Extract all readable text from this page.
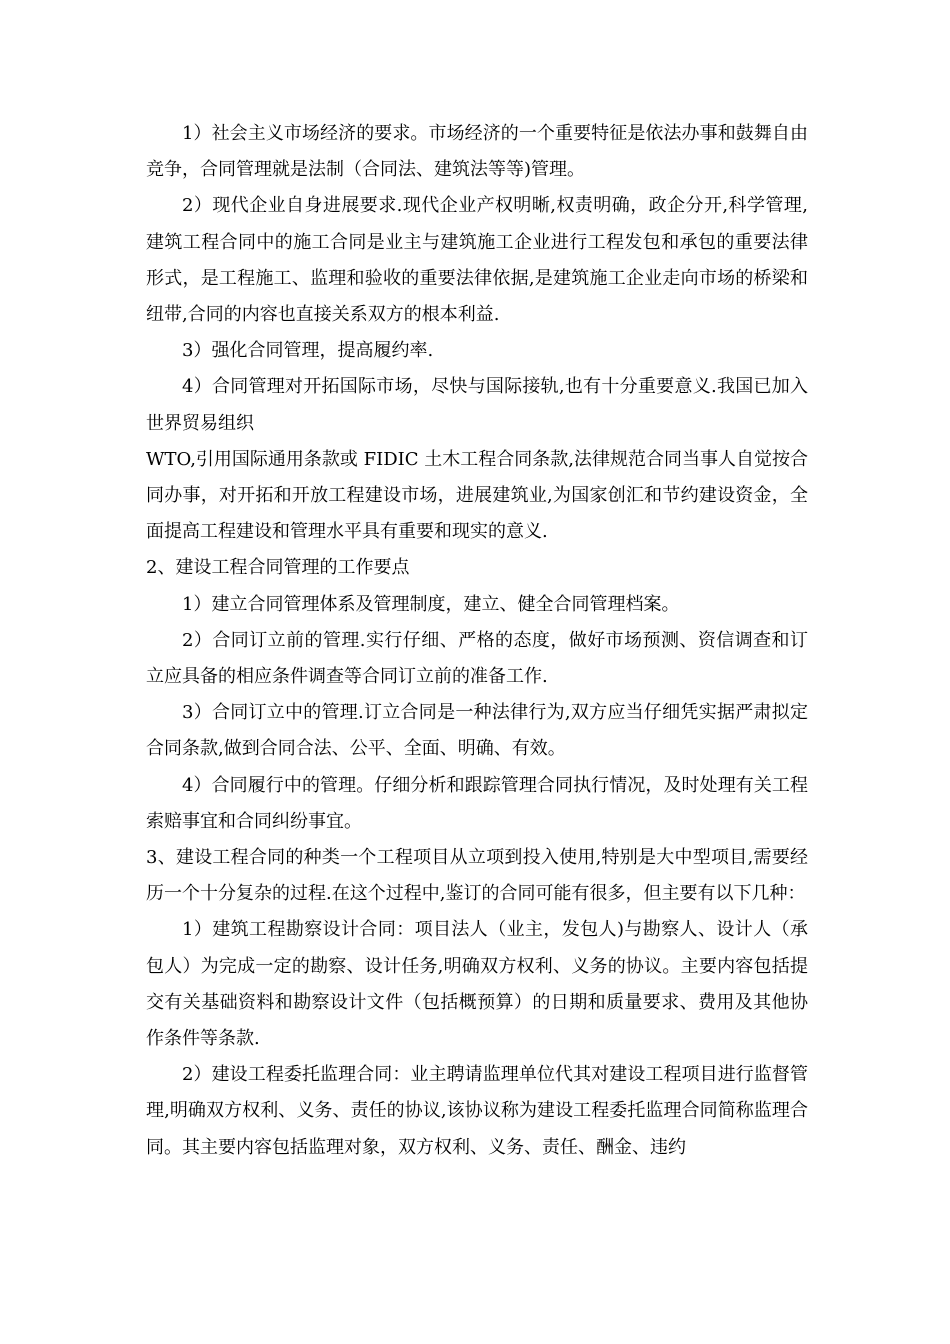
1）社会主义市场经济的要求。市场经济的一个重要特征是依法办事和鼓舞自由竞争，合同管理就是法制（合同法、建筑法等等)管理。

2）现代企业自身进展要求.现代企业产权明晰,权责明确，政企分开,科学管理,建筑工程合同中的施工合同是业主与建筑施工企业进行工程发包和承包的重要法律形式，是工程施工、监理和验收的重要法律依据,是建筑施工企业走向市场的桥梁和纽带,合同的内容也直接关系双方的根本利益.

3）强化合同管理，提高履约率.

4）合同管理对开拓国际市场，尽快与国际接轨,也有十分重要意义.我国已加入世界贸易组织

WTO,引用国际通用条款或 FIDIC 土木工程合同条款,法律规范合同当事人自觉按合同办事，对开拓和开放工程建设市场，进展建筑业,为国家创汇和节约建设资金，全面提高工程建设和管理水平具有重要和现实的意义.

2、建设工程合同管理的工作要点

1）建立合同管理体系及管理制度，建立、健全合同管理档案。

2）合同订立前的管理.实行仔细、严格的态度，做好市场预测、资信调查和订立应具备的相应条件调查等合同订立前的准备工作.

3）合同订立中的管理.订立合同是一种法律行为,双方应当仔细凭实据严肃拟定合同条款,做到合同合法、公平、全面、明确、有效。

4）合同履行中的管理。仔细分析和跟踪管理合同执行情况，及时处理有关工程索赔事宜和合同纠纷事宜。

3、建设工程合同的种类一个工程项目从立项到投入使用,特别是大中型项目,需要经历一个十分复杂的过程.在这个过程中,鉴订的合同可能有很多，但主要有以下几种：

1）建筑工程勘察设计合同：项目法人（业主，发包人)与勘察人、设计人（承包人）为完成一定的勘察、设计任务,明确双方权利、义务的协议。主要内容包括提交有关基础资料和勘察设计文件（包括概预算）的日期和质量要求、费用及其他协作条件等条款.

2）建设工程委托监理合同：业主聘请监理单位代其对建设工程项目进行监督管理,明确双方权利、义务、责任的协议,该协议称为建设工程委托监理合同简称监理合同。其主要内容包括监理对象，双方权利、义务、责任、酬金、违约
